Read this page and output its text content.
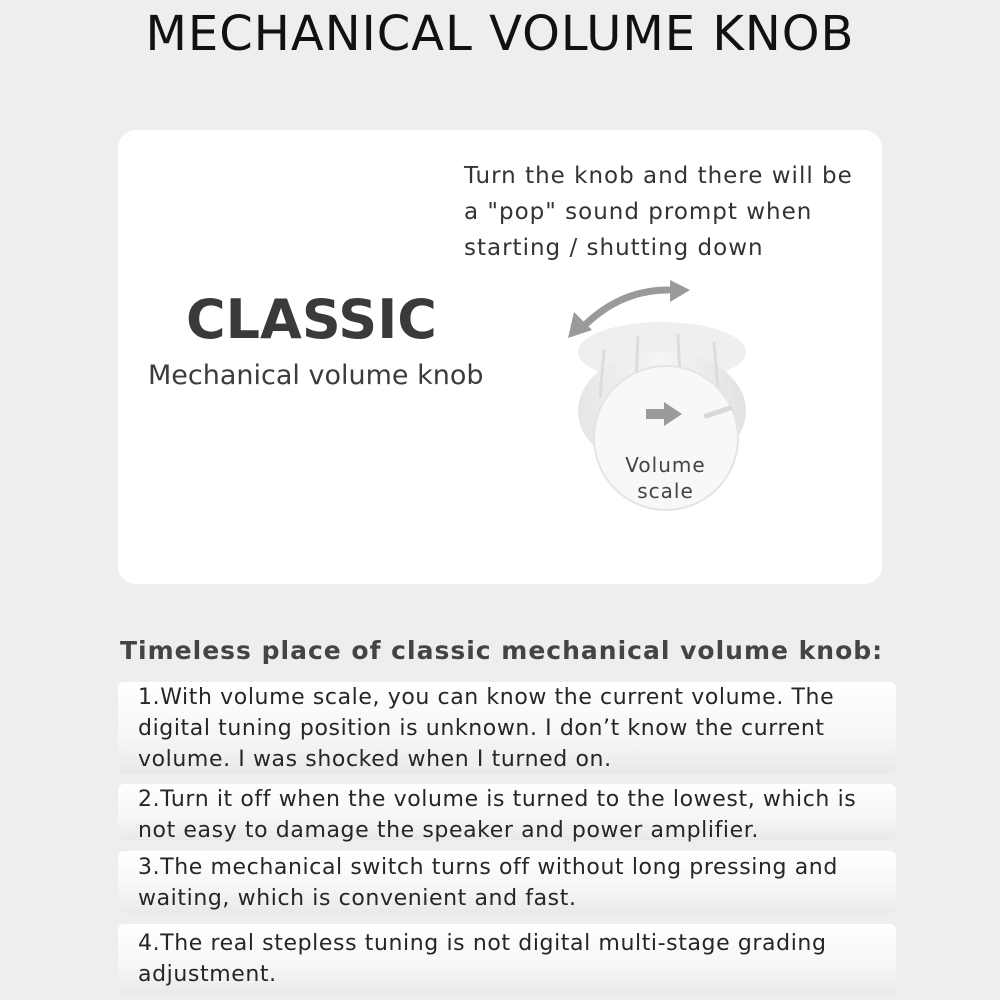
MECHANICAL VOLUME KNOB
Turn the knob and there will be a "pop" sound prompt when starting / shutting down
CLASSIC
Mechanical volume knob
Volume scale
Timeless place of classic mechanical volume knob:
1.With volume scale, you can know the current volume. The digital tuning position is unknown. I don’t know the current volume. I was shocked when I turned on.
2.Turn it off when the volume is turned to the lowest, which is not easy to damage the speaker and power amplifier.
3.The mechanical switch turns off without long pressing and waiting, which is convenient and fast.
4.The real stepless tuning is not digital multi-stage grading adjustment.
